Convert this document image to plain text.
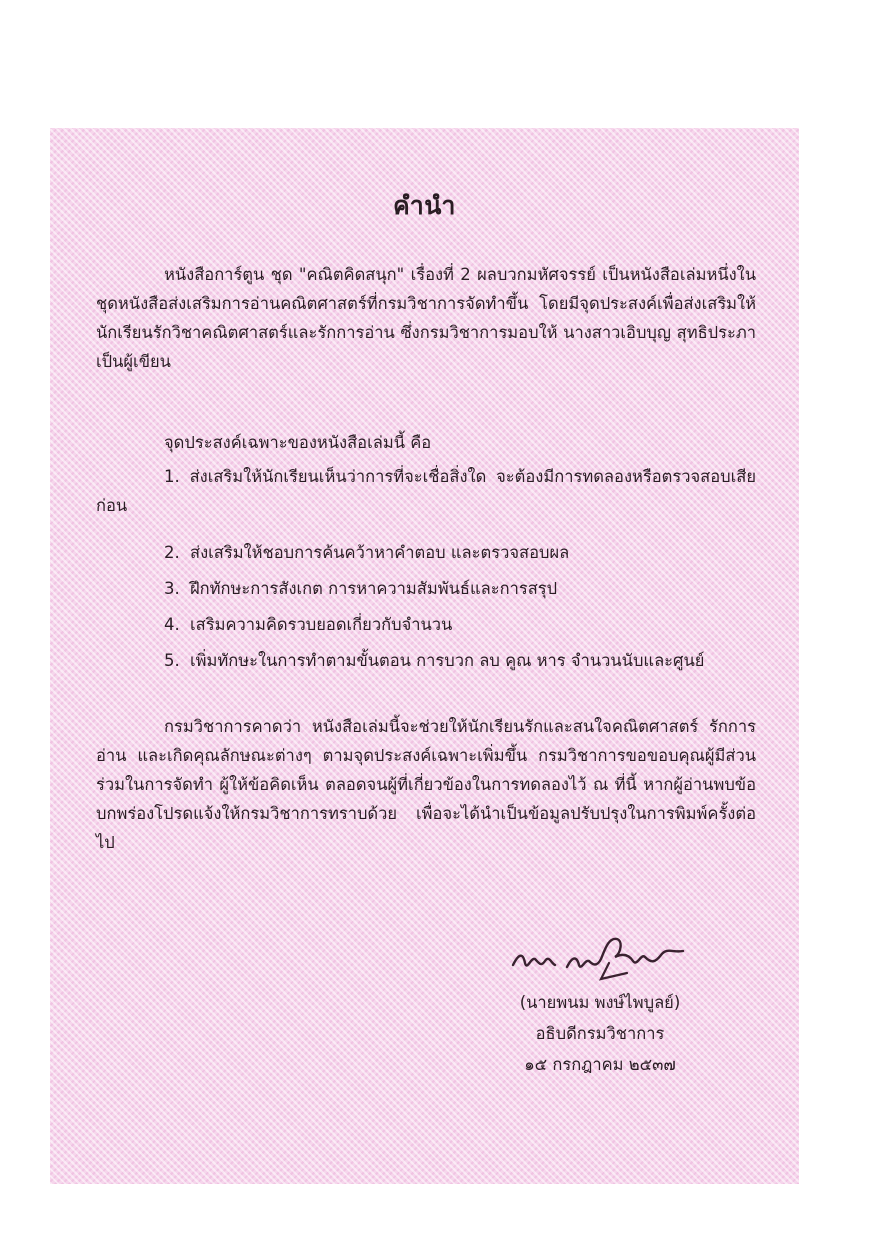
คำนำ

หนังสือการ์ตูน ชุด "คณิตคิดสนุก" เรื่องที่ 2 ผลบวกมหัศจรรย์ เป็นหนังสือเล่มหนึ่งในชุดหนังสือส่งเสริมการอ่านคณิตศาสตร์ที่กรมวิชาการจัดทำขึ้น โดยมีจุดประสงค์เพื่อส่งเสริมให้นักเรียนรักวิชาคณิตศาสตร์และรักการอ่าน ซึ่งกรมวิชาการมอบให้ นางสาวเอิบบุญ สุทธิประภา เป็นผู้เขียน

จุดประสงค์เฉพาะของหนังสือเล่มนี้ คือ

1. ส่งเสริมให้นักเรียนเห็นว่าการที่จะเชื่อสิ่งใด จะต้องมีการทดลองหรือตรวจสอบเสียก่อน
2. ส่งเสริมให้ชอบการค้นคว้าหาคำตอบ และตรวจสอบผล
3. ฝึกทักษะการสังเกต การหาความสัมพันธ์และการสรุป
4. เสริมความคิดรวบยอดเกี่ยวกับจำนวน
5. เพิ่มทักษะในการทำตามขั้นตอน การบวก ลบ คูณ หาร จำนวนนับและศูนย์

กรมวิชาการคาดว่า หนังสือเล่มนี้จะช่วยให้นักเรียนรักและสนใจคณิตศาสตร์ รักการอ่าน และเกิดคุณลักษณะต่างๆ ตามจุดประสงค์เฉพาะเพิ่มขึ้น กรมวิชาการขอขอบคุณผู้มีส่วนร่วมในการจัดทำ ผู้ให้ข้อคิดเห็น ตลอดจนผู้ที่เกี่ยวข้องในการทดลองไว้ ณ ที่นี้ หากผู้อ่านพบข้อบกพร่องโปรดแจ้งให้กรมวิชาการทราบด้วย เพื่อจะได้นำเป็นข้อมูลปรับปรุงในการพิมพ์ครั้งต่อไป

(นายพนม พงษ์ไพบูลย์)
อธิบดีกรมวิชาการ
๑๕ กรกฎาคม ๒๕๓๗
